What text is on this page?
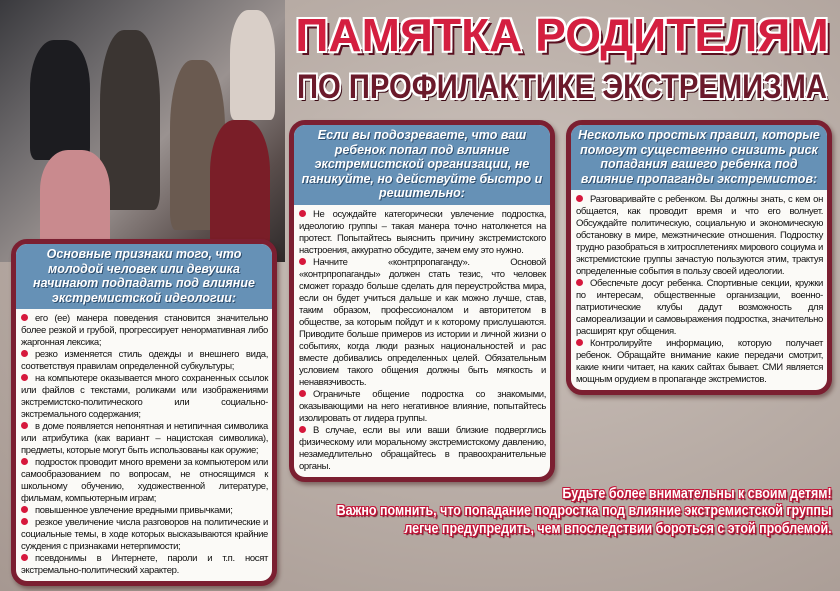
ПАМЯТКА РОДИТЕЛЯМ
ПО ПРОФИЛАКТИКЕ ЭКСТРЕМИЗМА
Основные признаки того, что молодой человек или девушка начинают подпадать под влияние экстремистской идеологии:

его (ее) манера поведения становится значительно более резкой и грубой, прогрессирует ненормативная либо жаргонная лексика;

резко изменяется стиль одежды и внешнего вида, соответствуя правилам определенной субкультуры;

на компьютере оказывается много сохраненных ссылок или файлов с текстами, роликами или изображениями экстремистско-политического или социально-экстремального содержания;

в доме появляется непонятная и нетипичная символика или атрибутика (как вариант – нацистская символика), предметы, которые могут быть использованы как оружие;

подросток проводит много времени за компьютером или самообразованием по вопросам, не относящимся к школьному обучению, художественной литературе, фильмам, компьютерным играм;

повышенное увлечение вредными привычками;

резкое увеличение числа разговоров на политические и социальные темы, в ходе которых высказываются крайние суждения с признаками нетерпимости;

псевдонимы в Интернете, пароли и т.п. носят экстремально-политический характер.

Если вы подозреваете, что ваш ребенок попал под влияние экстремистской организации, не паникуйте, но действуйте быстро и решительно:

Не осуждайте категорически увлечение подростка, идеологию группы – такая манера точно натолкнется на протест. Попытайтесь выяснить причину экстремистского настроения, аккуратно обсудите, зачем ему это нужно.

Начните «контрпропаганду». Основой «контрпропаганды» должен стать тезис, что человек сможет гораздо больше сделать для переустройства мира, если он будет учиться дальше и как можно лучше, став, таким образом, профессионалом и авторитетом в обществе, за которым пойдут и к которому прислушаются. Приводите больше примеров из истории и личной жизни о событиях, когда люди разных национальностей и рас вместе добивались определенных целей. Обязательным условием такого общения должны быть мягкость и ненавязчивость.

Ограничьте общение подростка со знакомыми, оказывающими на него негативное влияние, попытайтесь изолировать от лидера группы.

В случае, если вы или ваши близкие подверглись физическому или моральному экстремистскому давлению, незамедлительно обращайтесь в правоохранительные органы.

Несколько простых правил, которые помогут существенно снизить риск попадания вашего ребенка под влияние пропаганды экстремистов:

Разговаривайте с ребенком. Вы должны знать, с кем он общается, как проводит время и что его волнует. Обсуждайте политическую, социальную и экономическую обстановку в мире, межэтнические отношения. Подростку трудно разобраться в хитросплетениях мирового социума и экстремистские группы зачастую пользуются этим, трактуя определенные события в пользу своей идеологии.

Обеспечьте досуг ребенка. Спортивные секции, кружки по интересам, общественные организации, военно-патриотические клубы дадут возможность для самореализации и самовыражения подростка, значительно расширят круг общения.

Контролируйте информацию, которую получает ребенок. Обращайте внимание какие передачи смотрит, какие книги читает, на каких сайтах бывает. СМИ является мощным орудием в пропаганде экстремистов.

Будьте более внимательны к своим детям!
Важно помнить, что попадание подростка под влияние экстремистской группы
легче предупредить, чем впоследствии бороться с этой проблемой.
